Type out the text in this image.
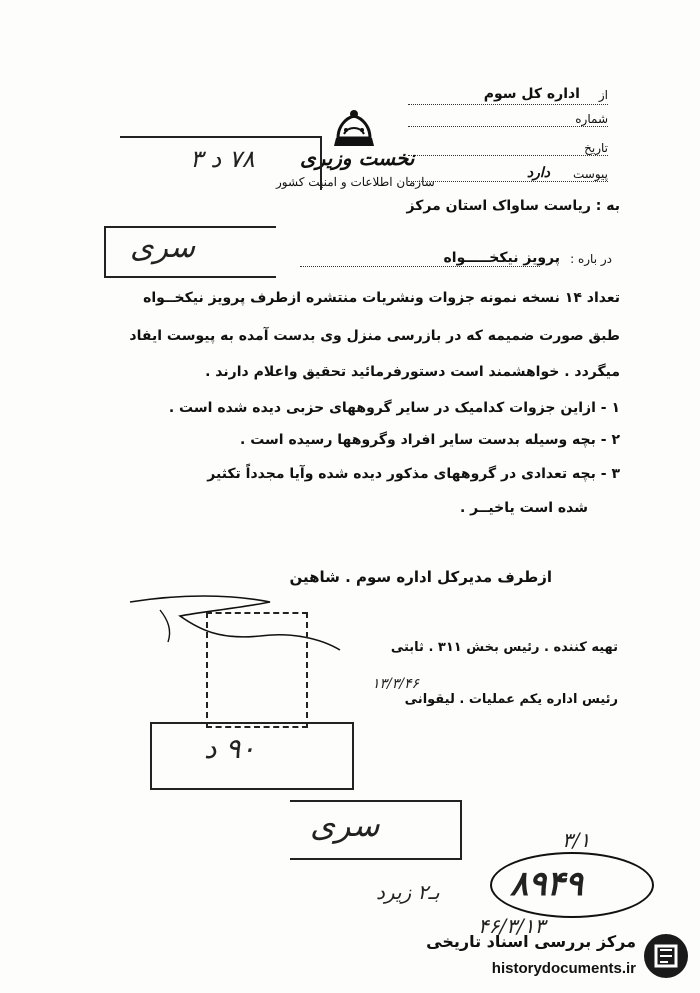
از
اداره کل سوم
شماره
تاریخ
پیوست
دارد
نخست وزیری
سازمان اطلاعات و امنیت کشور
به : ریاست ساواک استان مرکز
۷۸ د ۳
سری	در باره :
پرویز نیکخـــــواه
تعداد ۱۴ نسخه نمونه جزوات ونشریات منتشره ازطرف پرویز نیکخــواه
طبق صورت ضمیمه که در بازرسی منزل وی بدست آمده به پیوست ایفاد
میگردد . خواهشمند است دستورفرمائید تحقیق واعلام دارند .
۱ - ازاین جزوات کدامیک در سایر گروههای حزبی دیده شده است .
۲ - بچه وسیله بدست سایر افراد وگروهها رسیده است .
۳ - بچه تعدادی در گروههای مذکور دیده شده وآیا مجدداً تکثیر
شده است یاخیــر .
ازطرف مدیرکل اداره سوم . شاهین
۱۳/۳/۴۶
تهیه کننده . رئیس بخش ۳۱۱ . ثابتی
رئیس اداره یکم عملیات . لیقوانی
۹۰ د
سری	۳/۱
۸۹۴۹
بـ۲ زیرد
۴۶/۳/۱۳
مرکز بررسی اسناد تاریخی
historydocuments.ir
